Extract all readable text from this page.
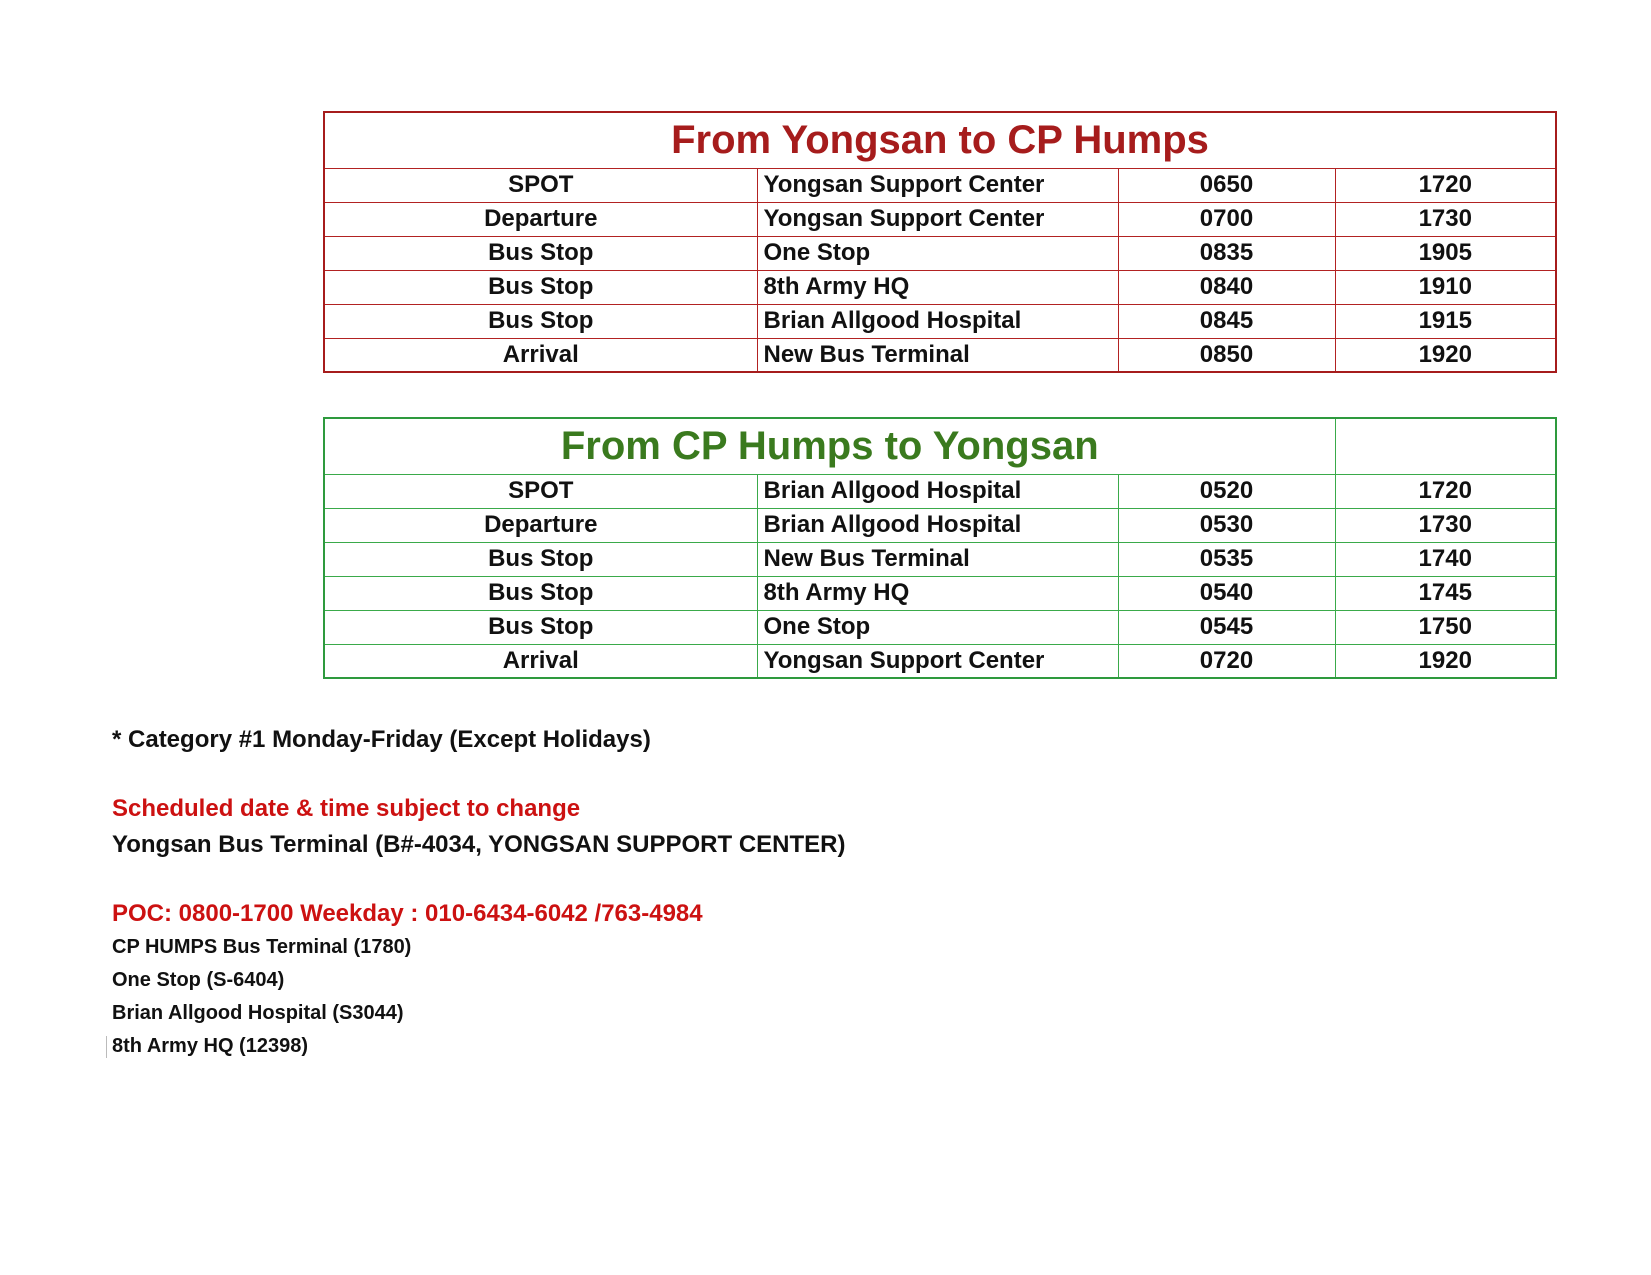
From Yongsan to CP Humps			
SPOT	Yongsan Support Center	0650	1720
Departure	Yongsan Support Center	0700	1730
Bus Stop	One Stop	0835	1905
Bus Stop	8th Army HQ	0840	1910
Bus Stop	Brian Allgood Hospital	0845	1915
Arrival	New Bus Terminal	0850	1920
From CP Humps to Yongsan			
SPOT	Brian Allgood Hospital	0520	1720
Departure	Brian Allgood Hospital	0530	1730
Bus Stop	New Bus Terminal	0535	1740
Bus Stop	8th Army HQ	0540	1745
Bus Stop	One Stop	0545	1750
Arrival	Yongsan Support Center	0720	1920
* Category #1 Monday-Friday (Except Holidays)
Scheduled date & time subject to change
Yongsan Bus Terminal (B#-4034, YONGSAN SUPPORT CENTER)
POC: 0800-1700 Weekday : 010-6434-6042 /763-4984
CP HUMPS Bus Terminal (1780)
One Stop (S-6404)
Brian Allgood Hospital (S3044)
8th Army HQ (12398)
